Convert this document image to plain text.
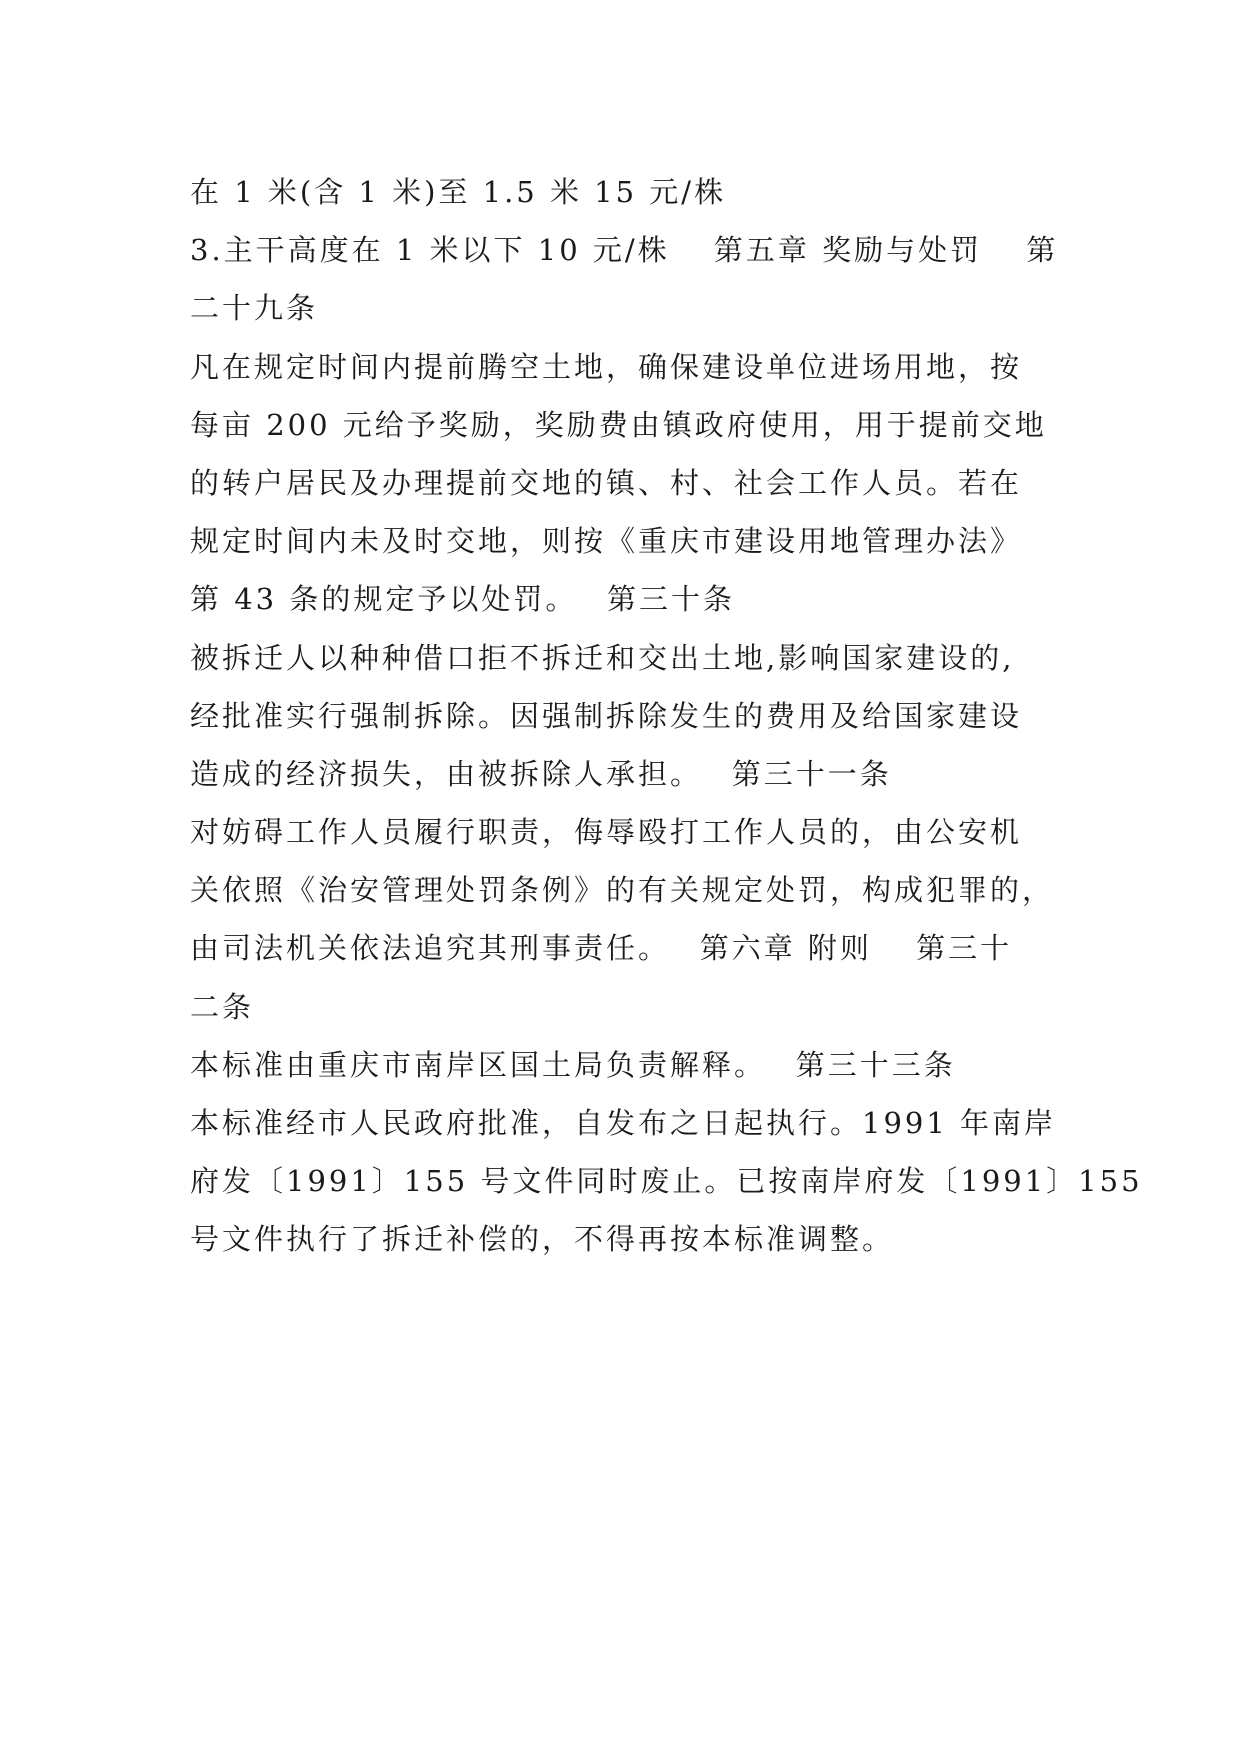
在 1 米(含 1 米)至 1.5 米 15 元/株
3.主干高度在 1 米以下 10 元/株　 第五章 奖励与处罚　 第
二十九条
凡在规定时间内提前腾空土地，确保建设单位进场用地，按
每亩 200 元给予奖励，奖励费由镇政府使用，用于提前交地
的转户居民及办理提前交地的镇、村、社会工作人员。若在
规定时间内未及时交地，则按《重庆市建设用地管理办法》
第 43 条的规定予以处罚。　 第三十条
被拆迁人以种种借口拒不拆迁和交出土地,影响国家建设的,
经批准实行强制拆除。因强制拆除发生的费用及给国家建设
造成的经济损失，由被拆除人承担。　 第三十一条
对妨碍工作人员履行职责，侮辱殴打工作人员的，由公安机
关依照《治安管理处罚条例》的有关规定处罚，构成犯罪的，
由司法机关依法追究其刑事责任。　 第六章 附则　 第三十
二条
本标准由重庆市南岸区国土局负责解释。　 第三十三条
本标准经市人民政府批准，自发布之日起执行。1991 年南岸
府发〔1991〕155 号文件同时废止。已按南岸府发〔1991〕155
号文件执行了拆迁补偿的，不得再按本标准调整。
